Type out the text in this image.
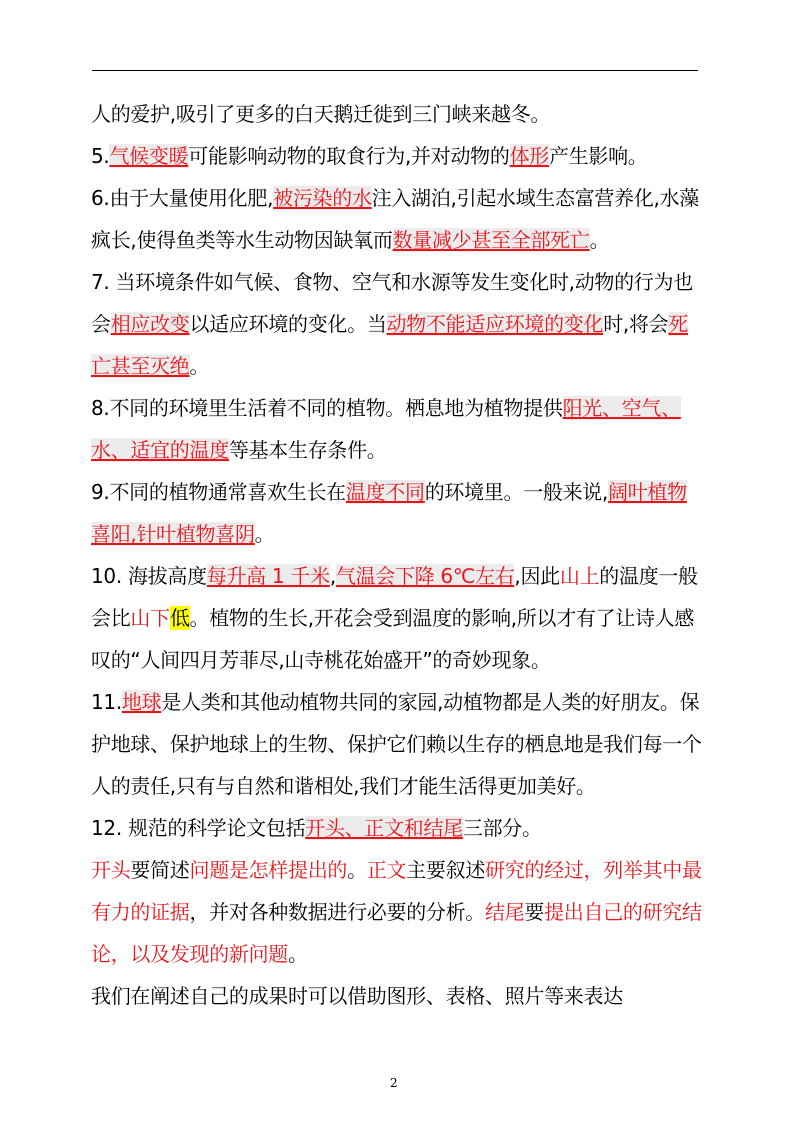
人的爱护,吸引了更多的白天鹅迁徙到三门峡来越冬。

5.气候变暖可能影响动物的取食行为,并对动物的体形产生影响。

6.由于大量使用化肥,被污染的水注入湖泊,引起水域生态富营养化,水藻疯长,使得鱼类等水生动物因缺氧而数量减少甚至全部死亡。

7. 当环境条件如气候、食物、空气和水源等发生变化时,动物的行为也会相应改变以适应环境的变化。当动物不能适应环境的变化时,将会死亡甚至灭绝。

8.不同的环境里生活着不同的植物。栖息地为植物提供阳光、空气、水、适宜的温度等基本生存条件。

9.不同的植物通常喜欢生长在温度不同的环境里。一般来说,阔叶植物喜阳,针叶植物喜阴。

10. 海拔高度每升高 1 千米,气温会下降 6℃左右,因此山上的温度一般会比山下低。植物的生长,开花会受到温度的影响,所以才有了让诗人感叹的“人间四月芳菲尽,山寺桃花始盛开”的奇妙现象。

11.地球是人类和其他动植物共同的家园,动植物都是人类的好朋友。保护地球、保护地球上的生物、保护它们赖以生存的栖息地是我们每一个人的责任,只有与自然和谐相处,我们才能生活得更加美好。

12. 规范的科学论文包括开头、正文和结尾三部分。

开头要简述问题是怎样提出的。正文主要叙述研究的经过，列举其中最有力的证据，并对各种数据进行必要的分析。结尾要提出自己的研究结论，以及发现的新问题。

我们在阐述自己的成果时可以借助图形、表格、照片等来表达

2
